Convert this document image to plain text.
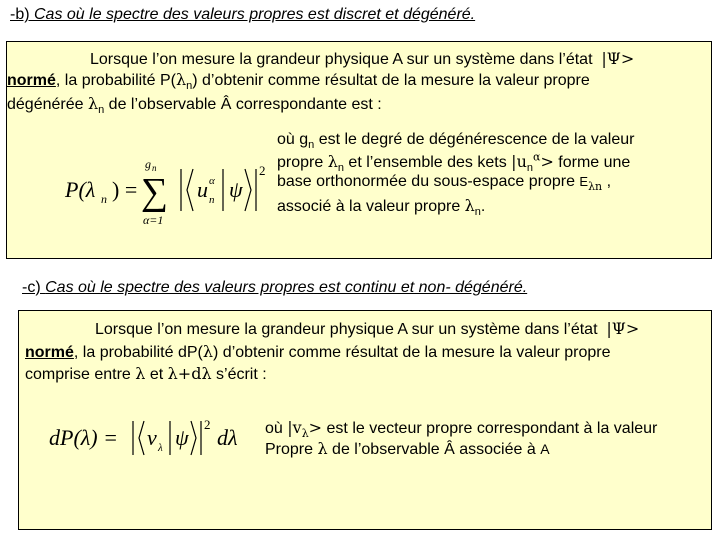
-b) Cas où le spectre des valeurs propres est discret et dégénéré.
Lorsque l’on mesure la grandeur physique A sur un système dans l’état |Ψ>
normé, la probabilité $P(\lambda_n)$ d’obtenir comme résultat de la mesure la valeur propre
dégénérée $\lambda_n$ de l’observable Â correspondante est :
P(λ n ) =
g n
∑
α=1
u α
n ψ
2
où $g_n$ est le degré de dégénérescence de la valeur
propre $\lambda_n$ et l’ensemble des kets $|u_n^\alpha>$ forme une
base orthonormée du sous-espace propre $E_{\lambda n}$ ,
associé à la valeur propre $\lambda_n$.
-c) Cas où le spectre des valeurs propres est continu et non- dégénéré.
Lorsque l’on mesure la grandeur physique A sur un système dans l’état |Ψ>
normé, la probabilité dP(λ) d’obtenir comme résultat de la mesure la valeur propre
comprise entre λ et λ+dλ s’écrit :
dP(λ) = v λ ψ
2
dλ où $|v_\lambda>$ est le vecteur propre correspondant à la valeur
Propre λ de l’observable Â associée à A
